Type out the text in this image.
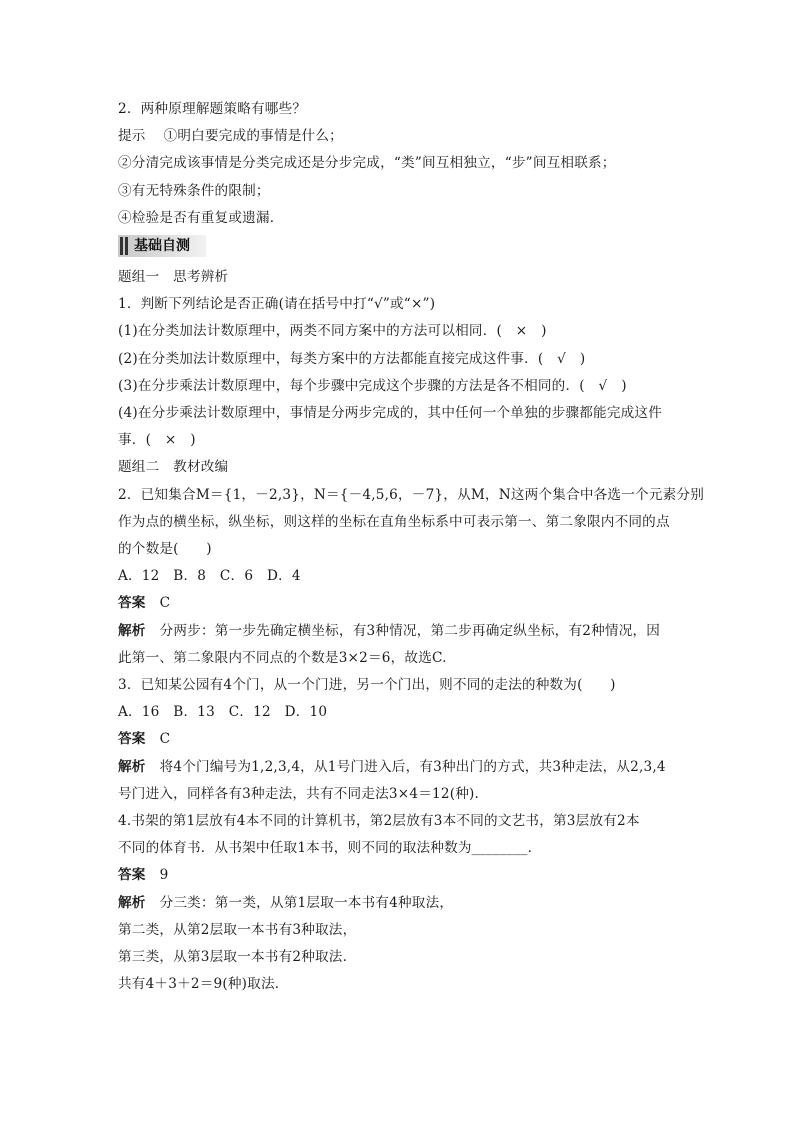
2．两种原理解题策略有哪些？
提示 ①明白要完成的事情是什么；
②分清完成该事情是分类完成还是分步完成，“类”间互相独立，“步”间互相联系；
③有无特殊条件的限制；
④检验是否有重复或遗漏．
基础自测
题组一　思考辨析
1．判断下列结论是否正确(请在括号中打“√”或“×”)
(1)在分类加法计数原理中，两类不同方案中的方法可以相同．(　×　)
(2)在分类加法计数原理中，每类方案中的方法都能直接完成这件事．(　√　)
(3)在分步乘法计数原理中，每个步骤中完成这个步骤的方法是各不相同的．(　√　)
(4)在分步乘法计数原理中，事情是分两步完成的，其中任何一个单独的步骤都能完成这件
事．(　×　)
题组二　教材改编
2．已知集合M＝{1，－2,3}，N＝{－4,5,6，－7}，从M，N这两个集合中各选一个元素分别
作为点的横坐标，纵坐标，则这样的坐标在直角坐标系中可表示第一、第二象限内不同的点
的个数是(　　)
A．12　B．8　C．6　D．4
答案 C
解析 分两步：第一步先确定横坐标，有3种情况，第二步再确定纵坐标，有2种情况，因
此第一、第二象限内不同点的个数是3×2＝6，故选C.
3．已知某公园有4个门，从一个门进，另一个门出，则不同的走法的种数为(　　)
A．16　B．13　C．12　D．10
答案 C
解析 将4个门编号为1,2,3,4，从1号门进入后，有3种出门的方式，共3种走法，从2,3,4
号门进入，同样各有3种走法，共有不同走法3×4＝12(种).
4.书架的第1层放有4本不同的计算机书，第2层放有3本不同的文艺书，第3层放有2本
不同的体育书．从书架中任取1本书，则不同的取法种数为________．
答案 9
解析 分三类：第一类，从第1层取一本书有4种取法，
第二类，从第2层取一本书有3种取法，
第三类，从第3层取一本书有2种取法．
共有4＋3＋2＝9(种)取法．
